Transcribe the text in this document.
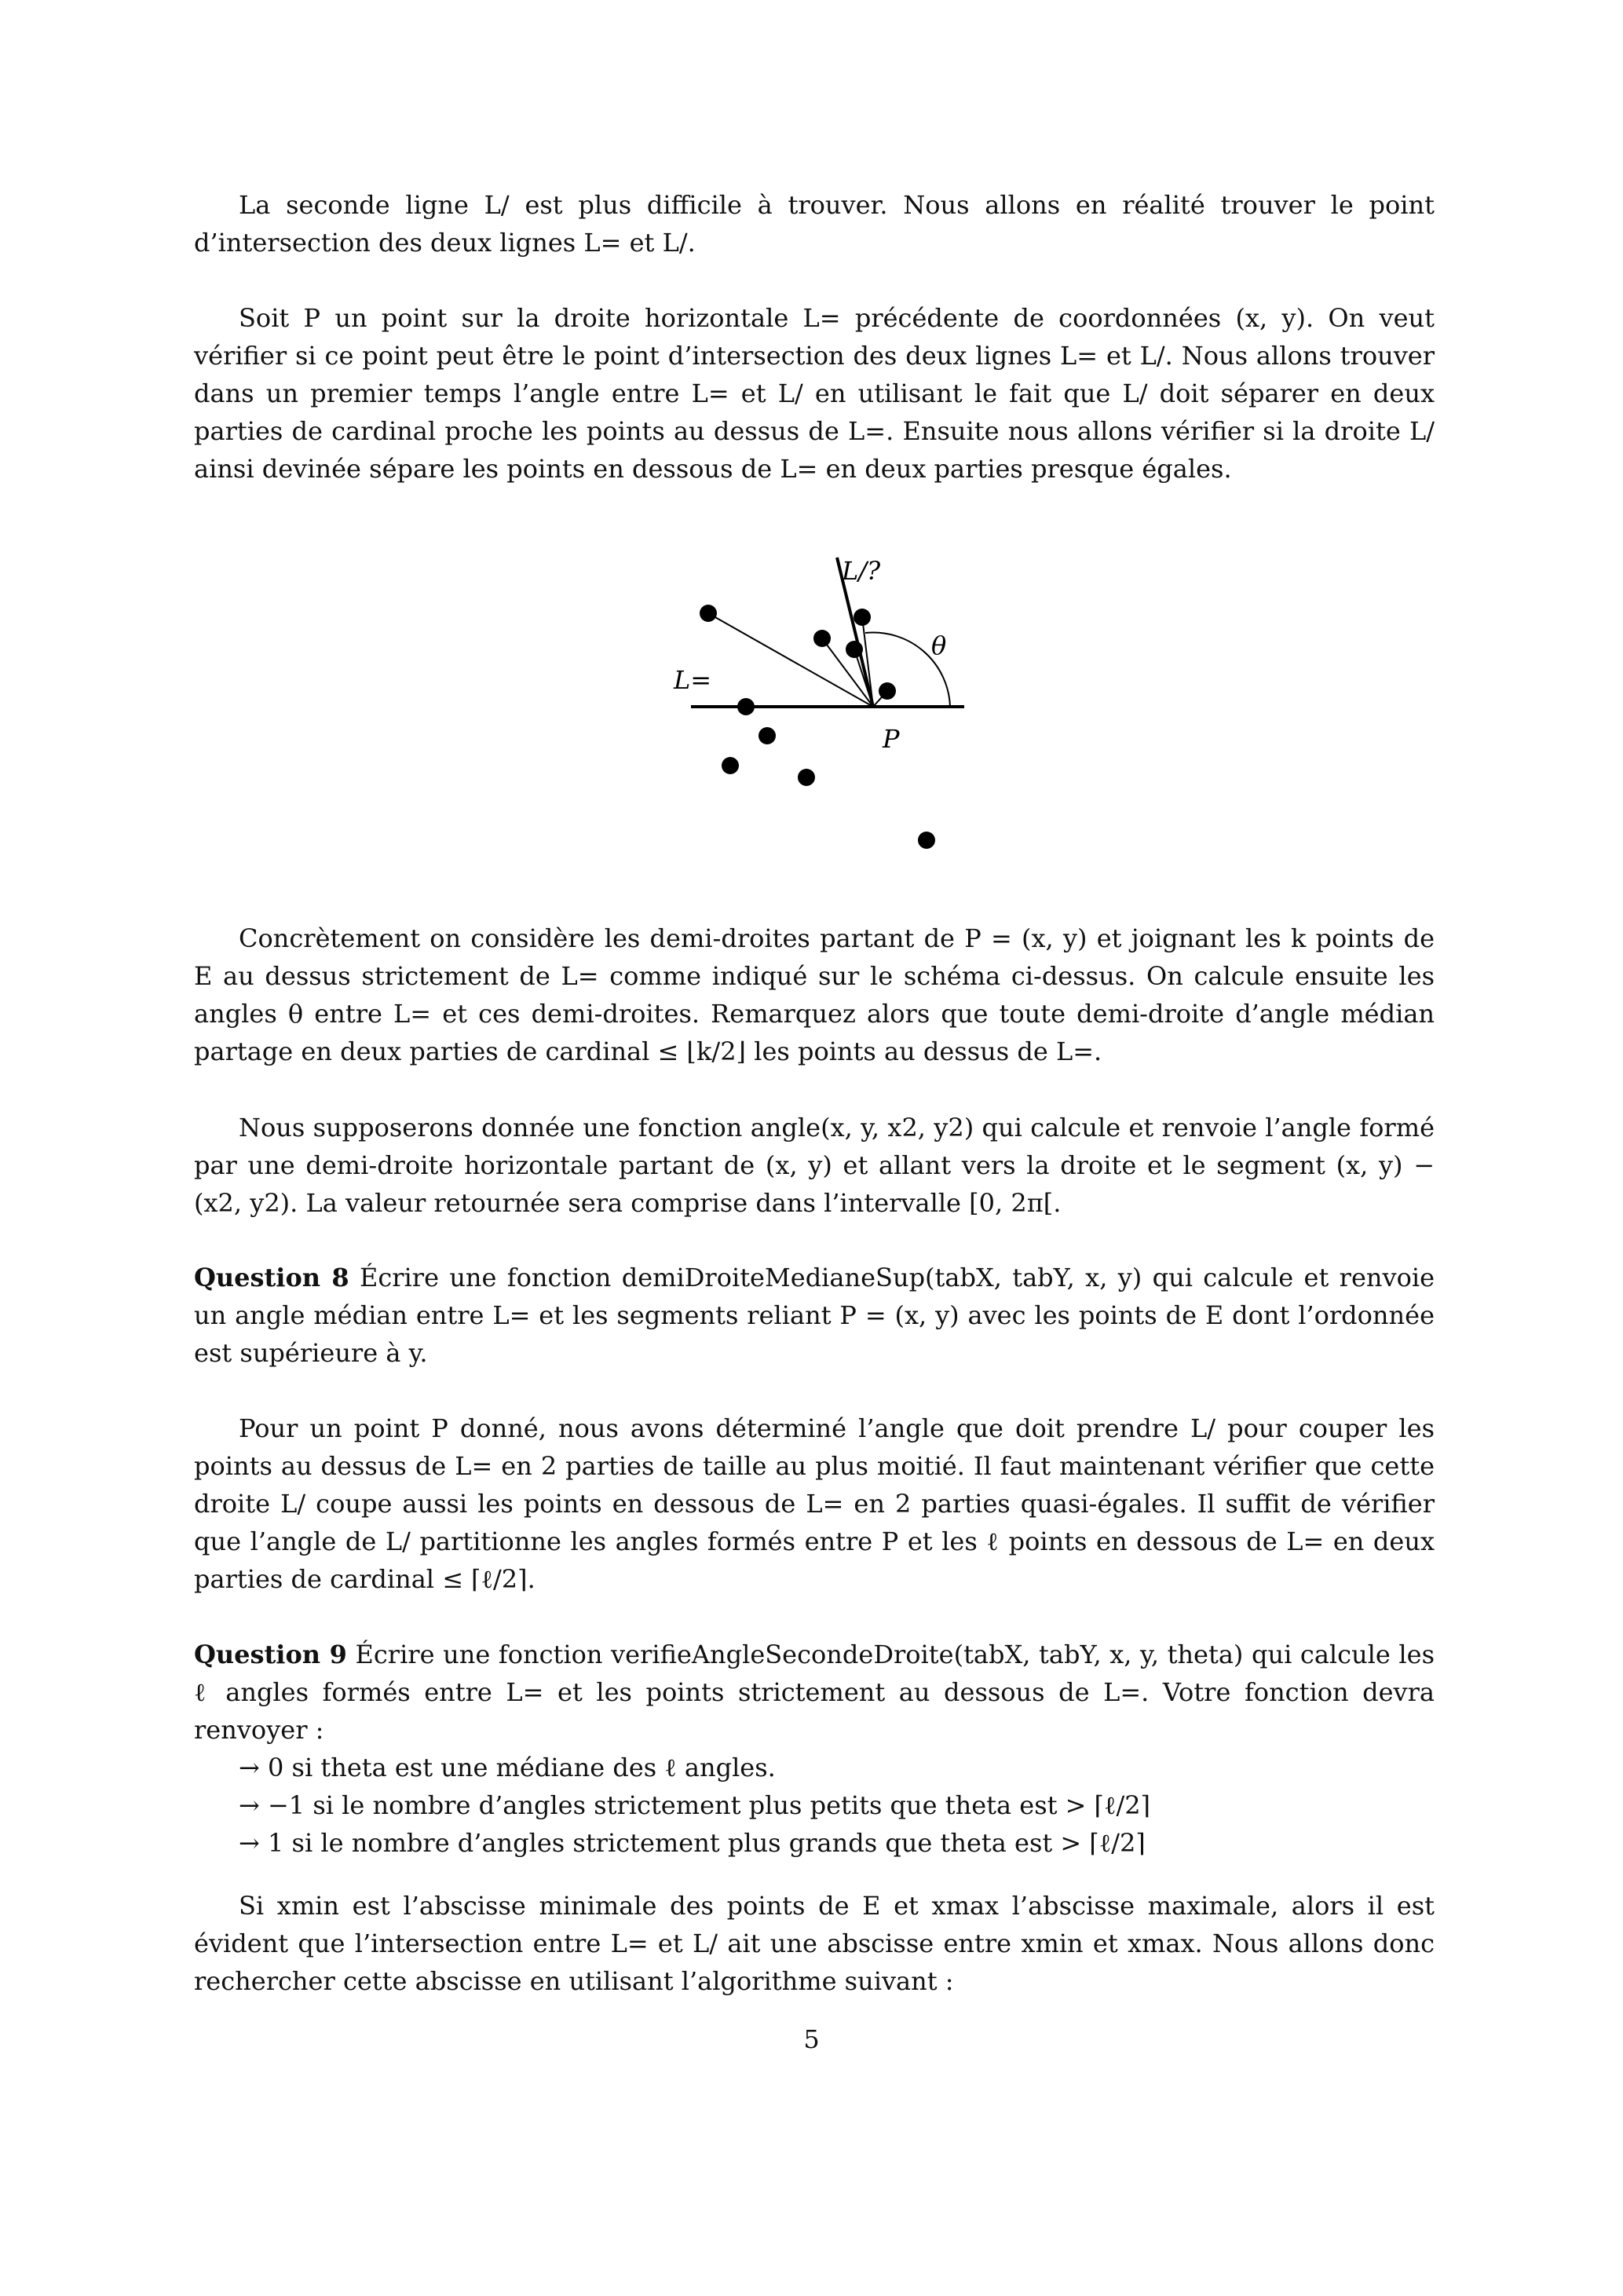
La seconde ligne L/ est plus difficile à trouver. Nous allons en réalité trouver le point d’intersection des deux lignes L= et L/.

Soit P un point sur la droite horizontale L= précédente de coordonnées (x, y). On veut vérifier si ce point peut être le point d’intersection des deux lignes L= et L/. Nous allons trouver dans un premier temps l’angle entre L= et L/ en utilisant le fait que L/ doit séparer en deux parties de cardinal proche les points au dessus de L=. Ensuite nous allons vérifier si la droite L/ ainsi devinée sépare les points en dessous de L= en deux parties presque égales.

L/?
L=
θ
P

Concrètement on considère les demi-droites partant de P = (x, y) et joignant les k points de E au dessus strictement de L= comme indiqué sur le schéma ci-dessus. On calcule ensuite les angles θ entre L= et ces demi-droites. Remarquez alors que toute demi-droite d’angle médian partage en deux parties de cardinal ≤ ⌊k/2⌋ les points au dessus de L=.

Nous supposerons donnée une fonction angle(x, y, x2, y2) qui calcule et renvoie l’angle formé par une demi-droite horizontale partant de (x, y) et allant vers la droite et le segment (x, y) − (x2, y2). La valeur retournée sera comprise dans l’intervalle [0, 2π[.

Question 8 Écrire une fonction demiDroiteMedianeSup(tabX, tabY, x, y) qui calcule et renvoie un angle médian entre L= et les segments reliant P = (x, y) avec les points de E dont l’ordonnée est supérieure à y.

Pour un point P donné, nous avons déterminé l’angle que doit prendre L/ pour couper les points au dessus de L= en 2 parties de taille au plus moitié. Il faut maintenant vérifier que cette droite L/ coupe aussi les points en dessous de L= en 2 parties quasi-égales. Il suffit de vérifier que l’angle de L/ partitionne les angles formés entre P et les ℓ points en dessous de L= en deux parties de cardinal ≤ ⌈ℓ/2⌉.

Question 9 Écrire une fonction verifieAngleSecondeDroite(tabX, tabY, x, y, theta) qui calcule les ℓ angles formés entre L= et les points strictement au dessous de L=. Votre fonction devra renvoyer :
→ 0 si theta est une médiane des ℓ angles.
→ −1 si le nombre d’angles strictement plus petits que theta est > ⌈ℓ/2⌉
→ 1 si le nombre d’angles strictement plus grands que theta est > ⌈ℓ/2⌉

Si xmin est l’abscisse minimale des points de E et xmax l’abscisse maximale, alors il est évident que l’intersection entre L= et L/ ait une abscisse entre xmin et xmax. Nous allons donc rechercher cette abscisse en utilisant l’algorithme suivant :

5
